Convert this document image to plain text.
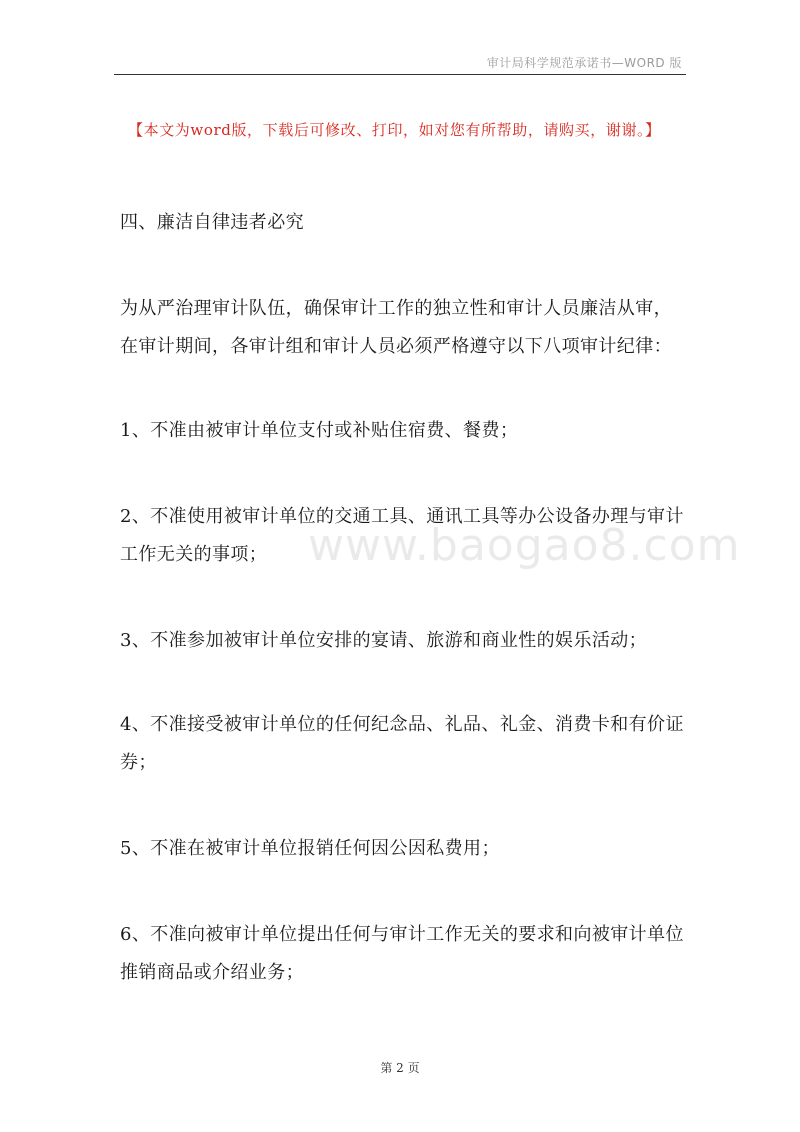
审计局科学规范承诺书—WORD 版
【本文为word版，下载后可修改、打印，如对您有所帮助，请购买，谢谢。】

四、廉洁自律违者必究

为从严治理审计队伍，确保审计工作的独立性和审计人员廉洁从审，在审计期间，各审计组和审计人员必须严格遵守以下八项审计纪律：

1、不准由被审计单位支付或补贴住宿费、餐费；

2、不准使用被审计单位的交通工具、通讯工具等办公设备办理与审计工作无关的事项；

3、不准参加被审计单位安排的宴请、旅游和商业性的娱乐活动；

4、不准接受被审计单位的任何纪念品、礼品、礼金、消费卡和有价证券；

5、不准在被审计单位报销任何因公因私费用；

6、不准向被审计单位提出任何与审计工作无关的要求和向被审计单位推销商品或介绍业务；

www.baogao8.com
第 2 页
